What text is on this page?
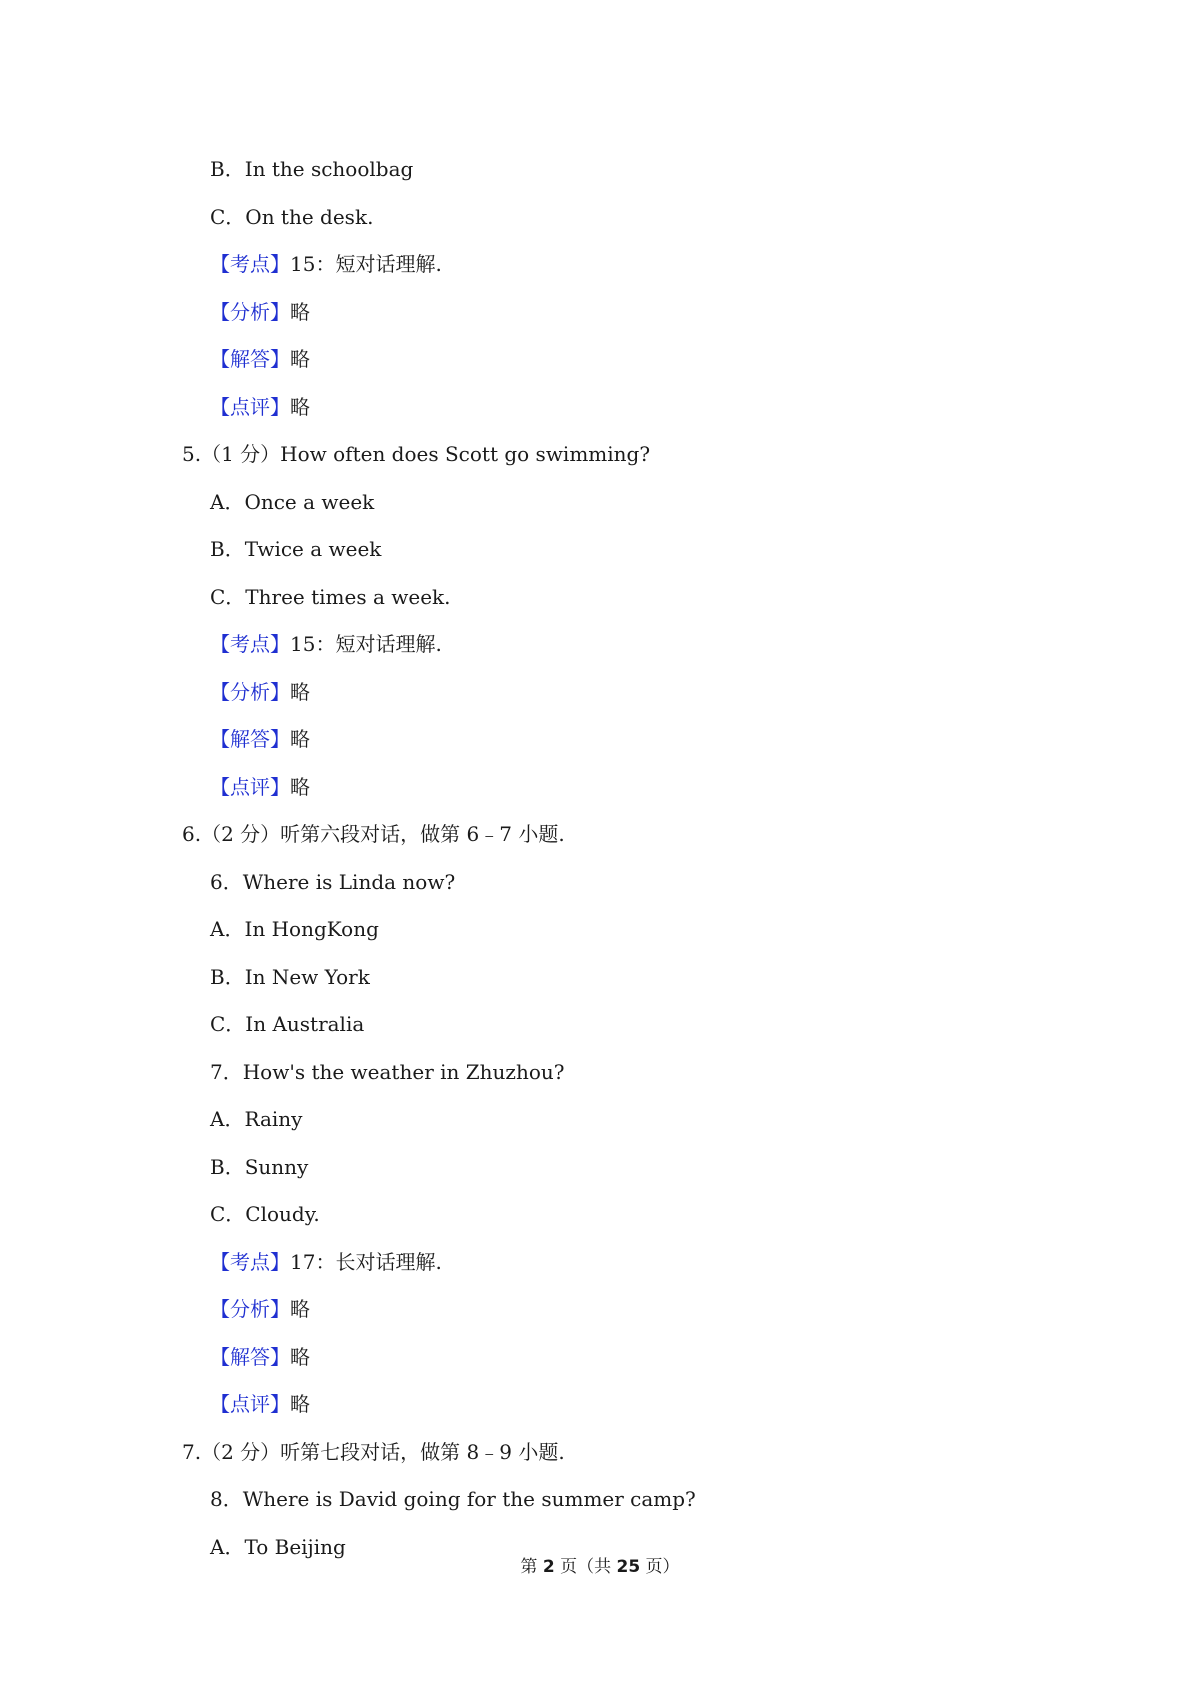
B．In the schoolbag
C．On the desk.
【考点】15：短对话理解.
【分析】略
【解答】略
【点评】略
5.（1 分）How often does Scott go swimming?
A．Once a week
B．Twice a week
C．Three times a week.
【考点】15：短对话理解.
【分析】略
【解答】略
【点评】略
6.（2 分）听第六段对话，做第 6﹣7 小题.
6．Where is Linda now?
A．In HongKong
B．In New York
C．In Australia
7．How's the weather in Zhuzhou?
A．Rainy
B．Sunny
C．Cloudy.
【考点】17：长对话理解.
【分析】略
【解答】略
【点评】略
7.（2 分）听第七段对话，做第 8﹣9 小题.
8．Where is David going for the summer camp?
A．To Beijing
第 2 页（共 25 页）
